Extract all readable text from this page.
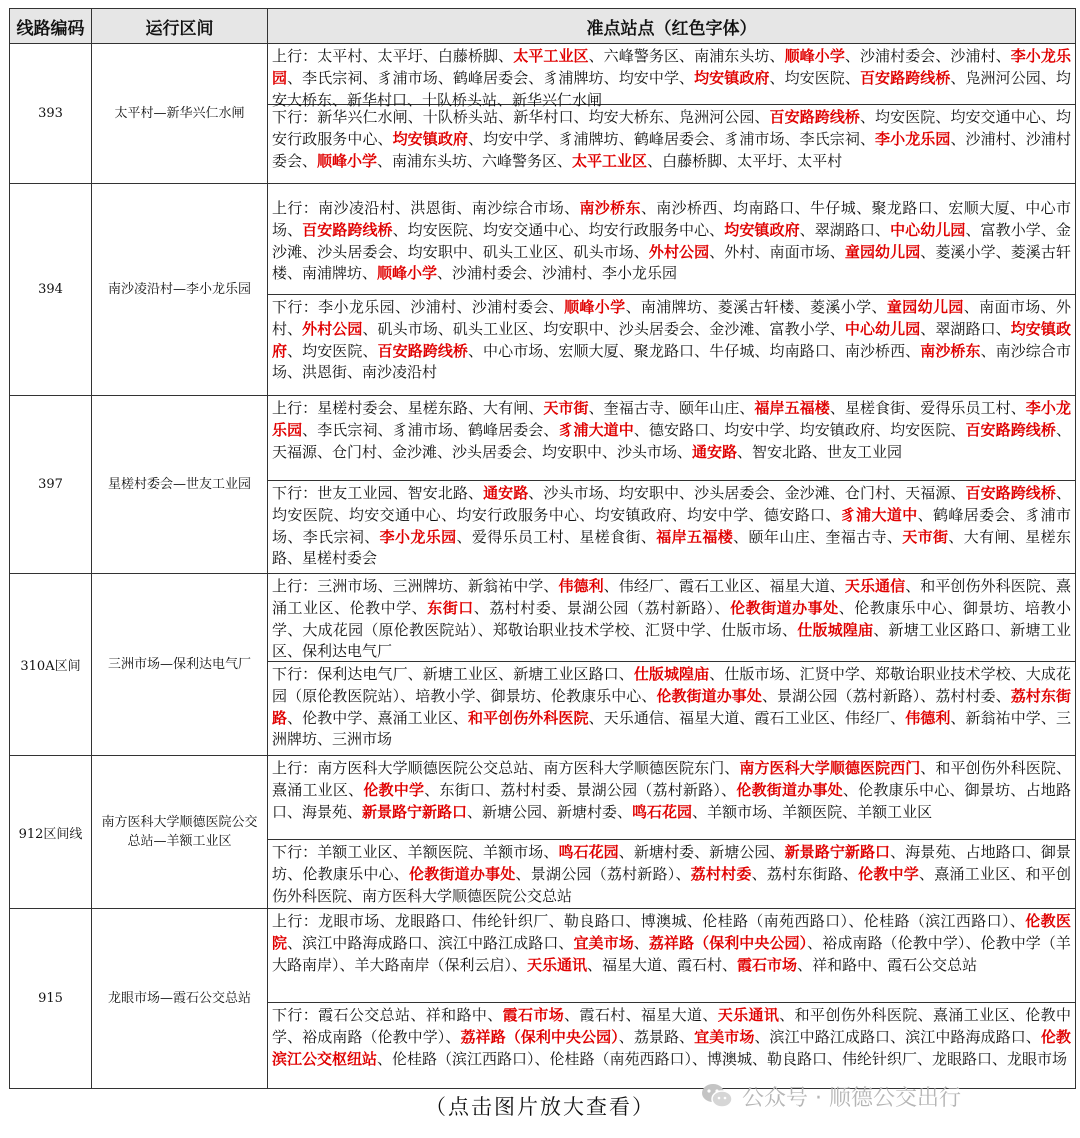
线路编码	运行区间	准点站点（红色字体）
393	太平村—新华兴仁水闸	上行：太平村、太平圩、白藤桥脚、太平工业区、六峰警务区、南浦东头坊、顺峰小学、沙浦村委会、沙浦村、李小龙乐园、李氏宗祠、豸浦市场、鹤峰居委会、豸浦牌坊、均安中学、均安镇政府、均安医院、百安路跨线桥、凫洲河公园、均安大桥东、新华村口、十队桥头站、新华兴仁水闸
下行：新华兴仁水闸、十队桥头站、新华村口、均安大桥东、凫洲河公园、百安路跨线桥、均安医院、均安交通中心、均安行政服务中心、均安镇政府、均安中学、豸浦牌坊、鹤峰居委会、豸浦市场、李氏宗祠、李小龙乐园、沙浦村、沙浦村委会、顺峰小学、南浦东头坊、六峰警务区、太平工业区、白藤桥脚、太平圩、太平村

394	南沙凌沿村—李小龙乐园	上行：南沙凌沿村、洪恩街、南沙综合市场、南沙桥东、南沙桥西、均南路口、牛仔城、聚龙路口、宏顺大厦、中心市场、百安路跨线桥、均安医院、均安交通中心、均安行政服务中心、均安镇政府、翠湖路口、中心幼儿园、富教小学、金沙滩、沙头居委会、均安职中、矶头工业区、矶头市场、外村公园、外村、南面市场、童园幼儿园、菱溪小学、菱溪古轩楼、南浦牌坊、顺峰小学、沙浦村委会、沙浦村、李小龙乐园
下行：李小龙乐园、沙浦村、沙浦村委会、顺峰小学、南浦牌坊、菱溪古轩楼、菱溪小学、童园幼儿园、南面市场、外村、外村公园、矶头市场、矶头工业区、均安职中、沙头居委会、金沙滩、富教小学、中心幼儿园、翠湖路口、均安镇政府、均安医院、百安路跨线桥、中心市场、宏顺大厦、聚龙路口、牛仔城、均南路口、南沙桥西、南沙桥东、南沙综合市场、洪恩街、南沙凌沿村

397	星槎村委会—世友工业园	上行：星槎村委会、星槎东路、大有闸、天市街、奎福古寺、颐年山庄、福岸五福楼、星槎食街、爱得乐员工村、李小龙乐园、李氏宗祠、豸浦市场、鹤峰居委会、豸浦大道中、德安路口、均安中学、均安镇政府、均安医院、百安路跨线桥、天福源、仓门村、金沙滩、沙头居委会、均安职中、沙头市场、通安路、智安北路、世友工业园
下行：世友工业园、智安北路、通安路、沙头市场、均安职中、沙头居委会、金沙滩、仓门村、天福源、百安路跨线桥、均安医院、均安交通中心、均安行政服务中心、均安镇政府、均安中学、德安路口、豸浦大道中、鹤峰居委会、豸浦市场、李氏宗祠、李小龙乐园、爱得乐员工村、星槎食街、福岸五福楼、颐年山庄、奎福古寺、天市街、大有闸、星槎东路、星槎村委会

310A区间	三洲市场—保利达电气厂	上行：三洲市场、三洲牌坊、新翁祐中学、伟德利、伟经厂、霞石工业区、福星大道、天乐通信、和平创伤外科医院、熹涌工业区、伦教中学、东街口、荔村村委、景湖公园（荔村新路）、伦教街道办事处、伦教康乐中心、御景坊、培教小学、大成花园（原伦教医院站）、郑敬诒职业技术学校、汇贤中学、仕版市场、仕版城隍庙、新塘工业区路口、新塘工业区、保利达电气厂
下行：保利达电气厂、新塘工业区、新塘工业区路口、仕版城隍庙、仕版市场、汇贤中学、郑敬诒职业技术学校、大成花园（原伦教医院站）、培教小学、御景坊、伦教康乐中心、伦教街道办事处、景湖公园（荔村新路）、荔村村委、荔村东街路、伦教中学、熹涌工业区、和平创伤外科医院、天乐通信、福星大道、霞石工业区、伟经厂、伟德利、新翁祐中学、三洲牌坊、三洲市场

912区间线	南方医科大学顺德医院公交总站—羊额工业区	上行：南方医科大学顺德医院公交总站、南方医科大学顺德医院东门、南方医科大学顺德医院西门、和平创伤外科医院、熹涌工业区、伦教中学、东街口、荔村村委、景湖公园（荔村新路）、伦教街道办事处、伦教康乐中心、御景坊、占地路口、海景苑、新景路宁新路口、新塘公园、新塘村委、鸣石花园、羊额市场、羊额医院、羊额工业区
下行：羊额工业区、羊额医院、羊额市场、鸣石花园、新塘村委、新塘公园、新景路宁新路口、海景苑、占地路口、御景坊、伦教康乐中心、伦教街道办事处、景湖公园（荔村新路）、荔村村委、荔村东街路、伦教中学、熹涌工业区、和平创伤外科医院、南方医科大学顺德医院公交总站

915	龙眼市场—霞石公交总站	上行：龙眼市场、龙眼路口、伟纶针织厂、勒良路口、博澳城、伦桂路（南苑西路口）、伦桂路（滨江西路口）、伦教医院、滨江中路海成路口、滨江中路江成路口、宜美市场、荔祥路（保利中央公园）、裕成南路（伦教中学）、伦教中学（羊大路南岸）、羊大路南岸（保利云启）、天乐通讯、福星大道、霞石村、霞石市场、祥和路中、霞石公交总站
下行：霞石公交总站、祥和路中、霞石市场、霞石村、福星大道、天乐通讯、和平创伤外科医院、熹涌工业区、伦教中学、裕成南路（伦教中学）、荔祥路（保利中央公园）、荔景路、宜美市场、滨江中路江成路口、滨江中路海成路口、伦教滨江公交枢纽站、伦桂路（滨江西路口）、伦桂路（南苑西路口）、博澳城、勒良路口、伟纶针织厂、龙眼路口、龙眼市场
公众号 · 顺德公交出行
（点击图片放大查看）
